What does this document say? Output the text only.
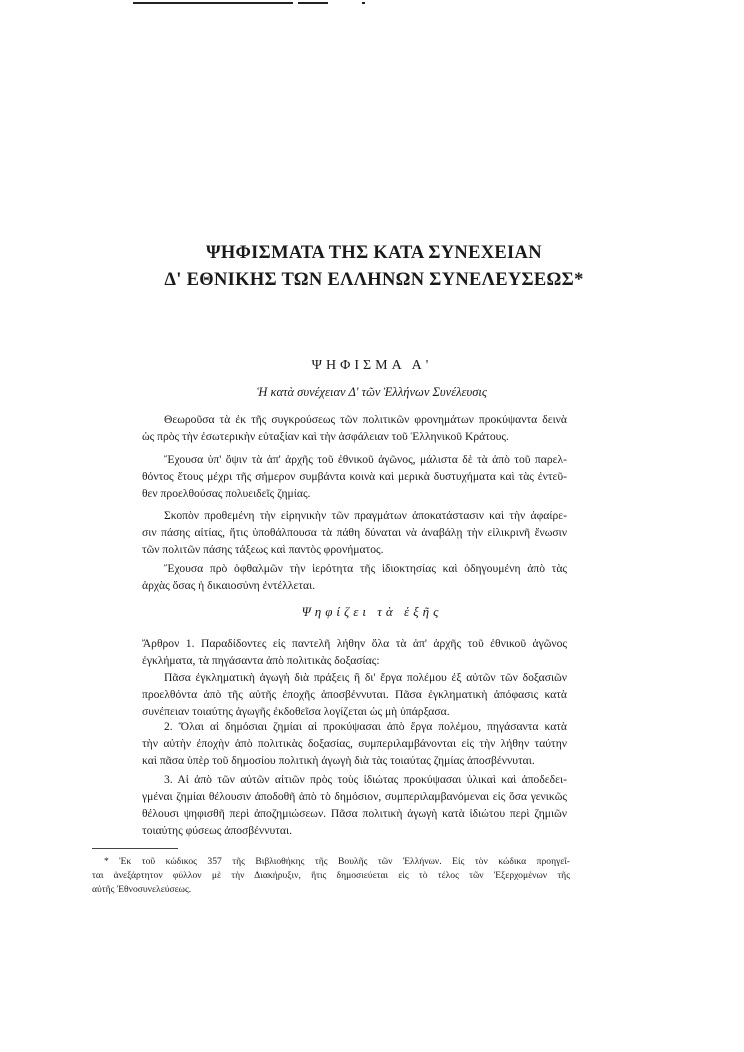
ΨΗΦΙΣΜΑΤΑ ΤΗΣ ΚΑΤΑ ΣΥΝΕΧΕΙΑΝ
Δ' ΕΘΝΙΚΗΣ ΤΩΝ ΕΛΛΗΝΩΝ ΣΥΝΕΛΕΥΣΕΩΣ*
ΨΗΦΙΣΜΑ Α'
Ἡ κατὰ συνέχειαν Δ' τῶν Ἑλλήνων Συνέλευσις
Θεωροῦσα τὰ ἐκ τῆς συγκρούσεως τῶν πολιτικῶν φρονημάτων προκύψαντα δεινὰ
ὡς πρὸς τὴν ἐσωτερικὴν εὐταξίαν καὶ τὴν ἀσφάλειαν τοῦ Ἑλληνικοῦ Κράτους.
Ἔχουσα ὑπ' ὄψιν τὰ ἀπ' ἀρχῆς τοῦ ἐθνικοῦ ἀγῶνος, μάλιστα δὲ τὰ ἀπὸ τοῦ παρελ-
θόντος ἔτους μέχρι τῆς σήμερον συμβάντα κοινὰ καὶ μερικὰ δυστυχήματα καὶ τὰς ἐντεῦ-
θεν προελθούσας πολυειδεῖς ζημίας.
Σκοπὸν προθεμένη τὴν εἰρηνικὴν τῶν πραγμάτων ἀποκατάστασιν καὶ τὴν ἀφαίρε-
σιν πάσης αἰτίας, ἥτις ὑποθάλπουσα τὰ πάθη δύναται νὰ ἀναβάλῃ τὴν εἰλικρινῆ ἕνωσιν
τῶν πολιτῶν πάσης τάξεως καὶ παντὸς φρονήματος.
Ἔχουσα πρὸ ὀφθαλμῶν τὴν ἱερότητα τῆς ἰδιοκτησίας καὶ ὁδηγουμένη ἀπὸ τὰς
ἀρχὰς ὅσας ἡ δικαιοσύνη ἐντέλλεται.
Ψηφίζει τὰ ἑξῆς
Ἄρθρον 1. Παραδίδοντες εἰς παντελῆ λήθην ὅλα τὰ ἀπ' ἀρχῆς τοῦ ἐθνικοῦ ἀγῶνος
ἐγκλήματα, τὰ πηγάσαντα ἀπὸ πολιτικὰς δοξασίας:
Πᾶσα ἐγκληματικὴ ἀγωγὴ διὰ πράξεις ἢ δι' ἔργα πολέμου ἐξ αὐτῶν τῶν δοξασιῶν
προελθόντα ἀπὸ τῆς αὐτῆς ἐποχῆς ἀποσβέννυται. Πᾶσα ἐγκληματικὴ ἀπόφασις κατὰ
συνέπειαν τοιαύτης ἀγωγῆς ἐκδοθεῖσα λογίζεται ὡς μὴ ὑπάρξασα.
2. Ὅλαι αἱ δημόσιαι ζημίαι αἱ προκύψασαι ἀπὸ ἔργα πολέμου, πηγάσαντα κατὰ
τὴν αὐτὴν ἐποχὴν ἀπὸ πολιτικὰς δοξασίας, συμπεριλαμβάνονται εἰς τὴν λήθην ταύτην
καὶ πᾶσα ὑπὲρ τοῦ δημοσίου πολιτικὴ ἀγωγὴ διὰ τὰς τοιαύτας ζημίας ἀποσβέννυται.
3. Αἱ ἀπὸ τῶν αὐτῶν αἰτιῶν πρὸς τοὺς ἰδιώτας προκύψασαι ὑλικαὶ καὶ ἀποδεδει-
γμέναι ζημίαι θέλουσιν ἀποδοθῆ ἀπὸ τὸ δημόσιον, συμπεριλαμβανόμεναι εἰς ὅσα γενικῶς
θέλουσι ψηφισθῆ περὶ ἀποζημιώσεων. Πᾶσα πολιτικὴ ἀγωγὴ κατὰ ἰδιώτου περὶ ζημιῶν
τοιαύτης φύσεως ἀποσβέννυται.
* Ἐκ τοῦ κώδικος 357 τῆς Βιβλιοθήκης τῆς Βουλῆς τῶν Ἑλλήνων. Εἰς τὸν κώδικα προηγεῖ-
ται ἀνεξάρτητον φύλλον μὲ τὴν Διακήρυξιν, ἥτις δημοσιεύεται εἰς τὸ τέλος τῶν Ἐξερχομένων τῆς
αὐτῆς Ἐθνοσυνελεύσεως.
